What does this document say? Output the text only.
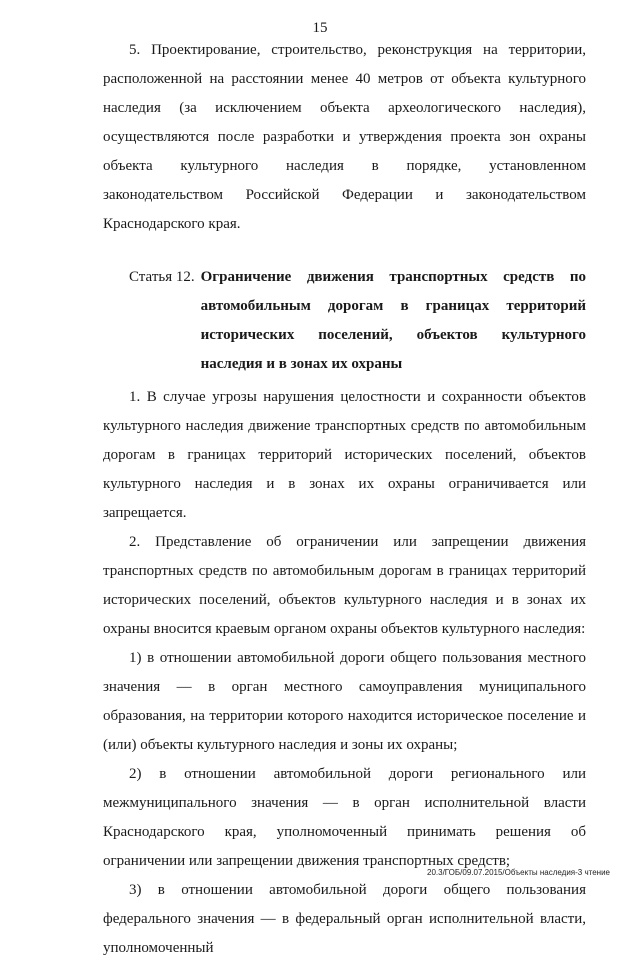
15

5. Проектирование, строительство, реконструкция на территории, расположенной на расстоянии менее 40 метров от объекта культурного наследия (за исключением объекта археологического наследия), осуществляются после разработки и утверждения проекта зон охраны объекта культурного наследия в порядке, установленном законодательством Российской Федерации и законодательством Краснодарского края.

Статья 12. Ограничение движения транспортных средств по автомобильным дорогам в границах территорий исторических поселений, объектов культурного наследия и в зонах их охраны

1. В случае угрозы нарушения целостности и сохранности объектов культурного наследия движение транспортных средств по автомобильным дорогам в границах территорий исторических поселений, объектов культурного наследия и в зонах их охраны ограничивается или запрещается.

2. Представление об ограничении или запрещении движения транспортных средств по автомобильным дорогам в границах территорий исторических поселений, объектов культурного наследия и в зонах их охраны вносится краевым органом охраны объектов культурного наследия:

1) в отношении автомобильной дороги общего пользования местного значения — в орган местного самоуправления муниципального образования, на территории которого находится историческое поселение и (или) объекты культурного наследия и зоны их охраны;

2) в отношении автомобильной дороги регионального или межмуниципального значения — в орган исполнительной власти Краснодарского края, уполномоченный принимать решения об ограничении или запрещении движения транспортных средств;

3) в отношении автомобильной дороги общего пользования федерального значения — в федеральный орган исполнительной власти, уполномоченный

20.3/ГОБ/09.07.2015/Объекты наследия-3 чтение
